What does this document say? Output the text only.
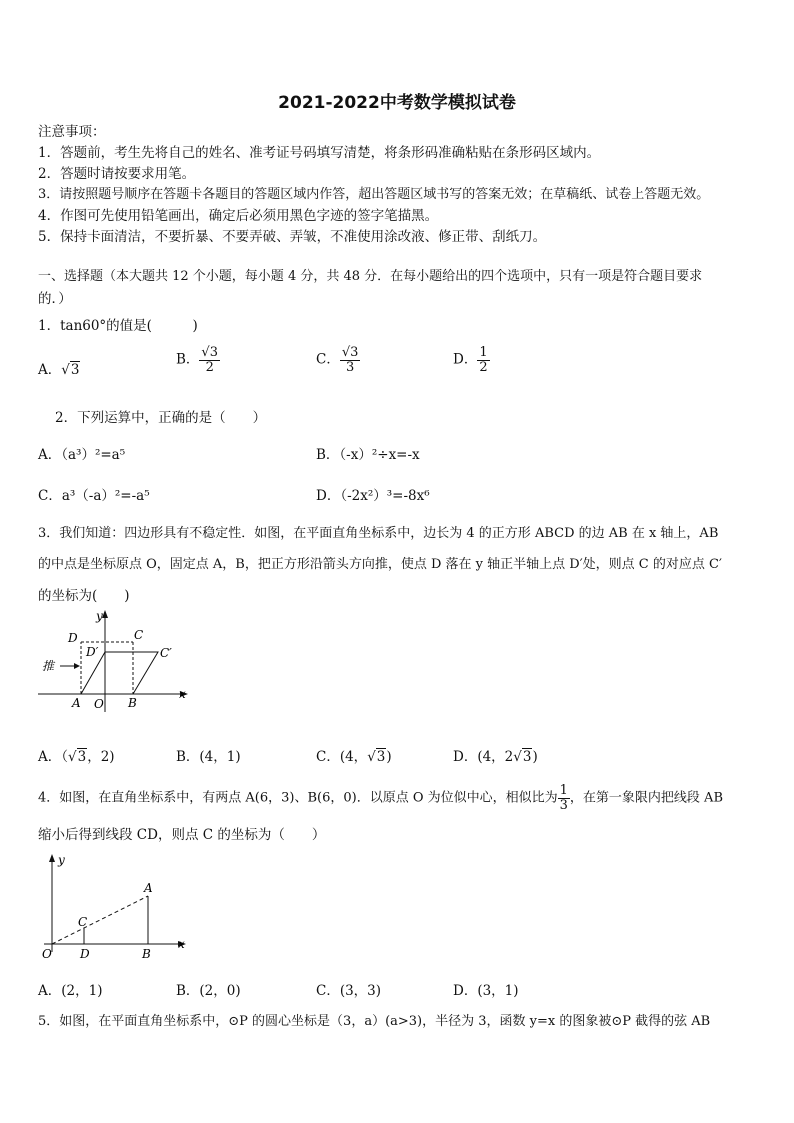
2021-2022中考数学模拟试卷
注意事项：
1．答题前，考生先将自己的姓名、准考证号码填写清楚，将条形码准确粘贴在条形码区域内。
2．答题时请按要求用笔。
3．请按照题号顺序在答题卡各题目的答题区域内作答，超出答题区域书写的答案无效；在草稿纸、试卷上答题无效。
4．作图可先使用铅笔画出，确定后必须用黑色字迹的签字笔描黑。
5．保持卡面清洁，不要折暴、不要弄破、弄皱，不准使用涂改液、修正带、刮纸刀。
一、选择题（本大题共 12 个小题，每小题 4 分，共 48 分．在每小题给出的四个选项中，只有一项是符合题目要求
的．）
1．tan60°的值是(　　　)
A．√3
B． $\frac{√3}{2}$	C． $\frac{√3}{3}$	D． $\frac{1}{2}$
2．下列运算中，正确的是（　　）
A．（a³）²=a⁵	B．（-x）²÷x=-x
C．a³（-a）²=-a⁵	D．（-2x²）³=-8x⁶
3．我们知道：四边形具有不稳定性．如图，在平面直角坐标系中，边长为 4 的正方形 ABCD 的边 AB 在 x 轴上，AB
的中点是坐标原点 O，固定点 A，B，把正方形沿箭头方向推，使点 D 落在 y 轴正半轴上点 D′处，则点 C 的对应点 C′
的坐标为(　　)
推
y
x
D	C
D′	C′
A O B
A．（√3，2)	B．(4，1)	C．(4，√3)	D．(4，2√3)
4．如图，在直角坐标系中，有两点 A(6，3)、B(6，0)．以原点 O 为位似中心，相似比为 $\frac{1}{3}$ ，在第一象限内把线段 AB
缩小后得到线段 CD，则点 C 的坐标为（　　）
y
x
A
C
O D	B
A．(2，1)	B．(2，0)	C．(3，3)	D．(3，1)
5．如图，在平面直角坐标系中，⊙P 的圆心坐标是（3，a）(a>3)，半径为 3，函数 y=x 的图象被⊙P 截得的弦 AB
